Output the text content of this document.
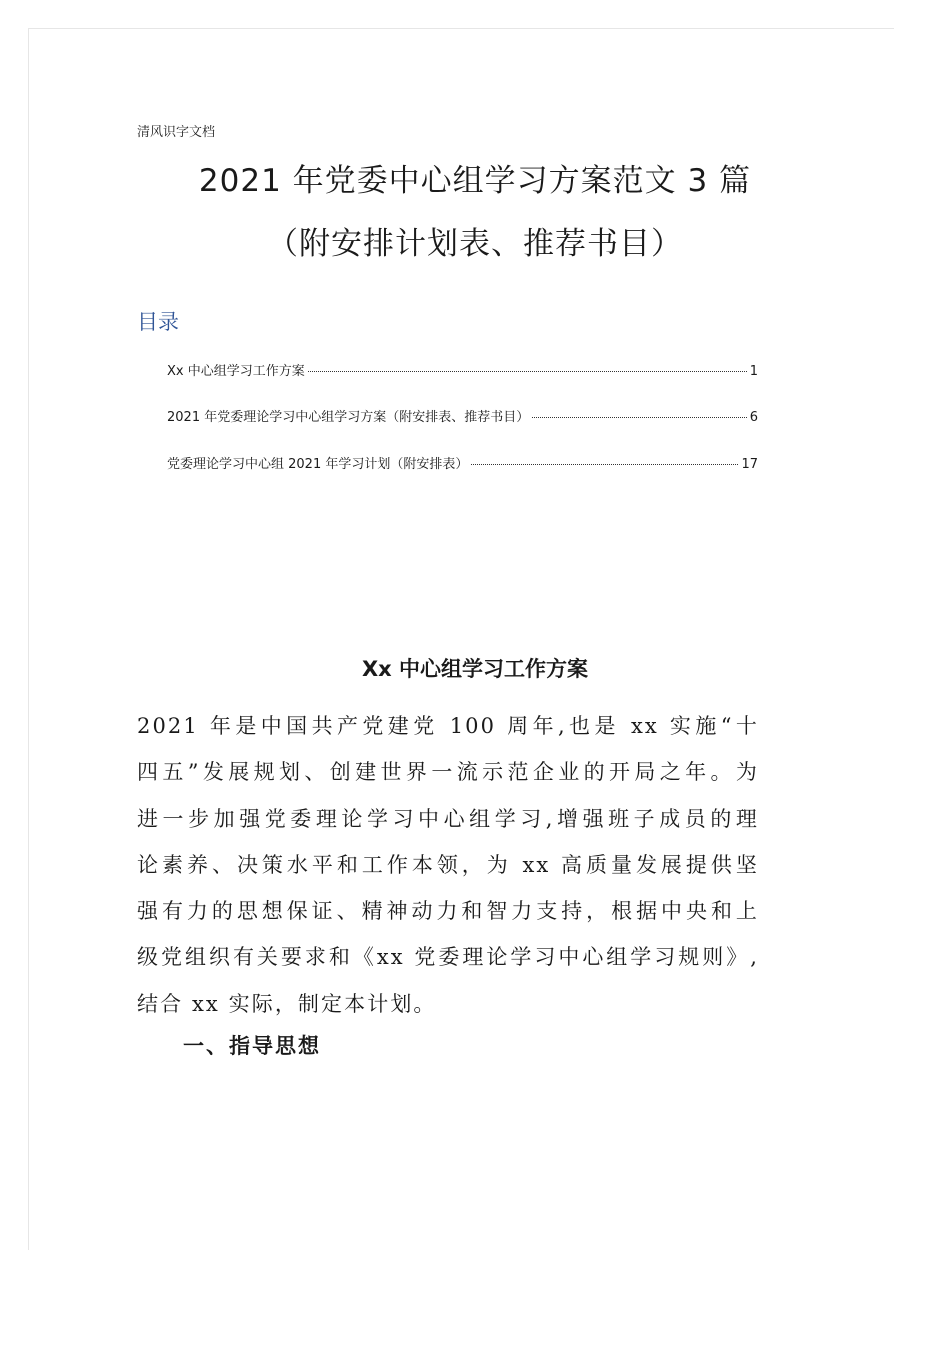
清风识字文档
2021 年党委中心组学习方案范文 3 篇
（附安排计划表、推荐书目）
目录
Xx 中心组学习工作方案	1
2021 年党委理论学习中心组学习方案（附安排表、推荐书目）	6
党委理论学习中心组 2021 年学习计划（附安排表）	17
Xx 中心组学习工作方案
2021 年是中国共产党建党 100 周年,也是 xx 实施“十
四五”发展规划、创建世界一流示范企业的开局之年。为
进一步加强党委理论学习中心组学习,增强班子成员的理
论素养、决策水平和工作本领，为 xx 高质量发展提供坚
强有力的思想保证、精神动力和智力支持，根据中央和上
级党组织有关要求和《xx 党委理论学习中心组学习规则》,
结合 xx 实际，制定本计划。
一、指导思想
